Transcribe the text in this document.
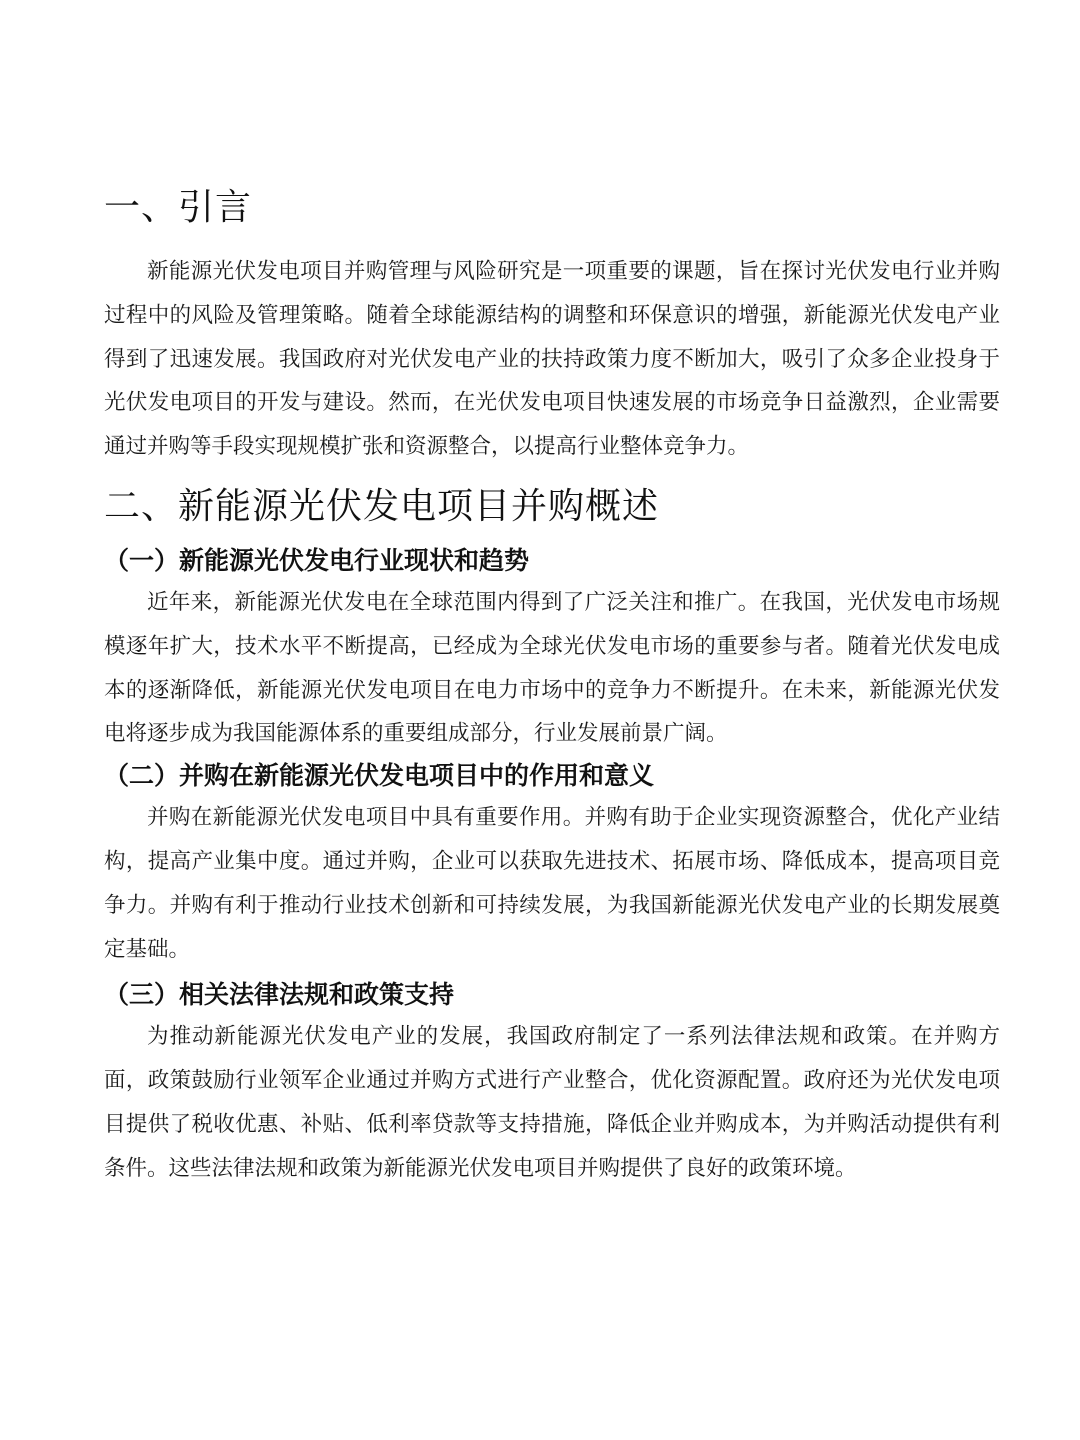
一、引言

新能源光伏发电项目并购管理与风险研究是一项重要的课题，旨在探讨光伏发电行业并购过程中的风险及管理策略。随着全球能源结构的调整和环保意识的增强，新能源光伏发电产业得到了迅速发展。我国政府对光伏发电产业的扶持政策力度不断加大，吸引了众多企业投身于光伏发电项目的开发与建设。然而，在光伏发电项目快速发展的市场竞争日益激烈，企业需要通过并购等手段实现规模扩张和资源整合，以提高行业整体竞争力。

二、新能源光伏发电项目并购概述
（一）新能源光伏发电行业现状和趋势

近年来，新能源光伏发电在全球范围内得到了广泛关注和推广。在我国，光伏发电市场规模逐年扩大，技术水平不断提高，已经成为全球光伏发电市场的重要参与者。随着光伏发电成本的逐渐降低，新能源光伏发电项目在电力市场中的竞争力不断提升。在未来，新能源光伏发电将逐步成为我国能源体系的重要组成部分，行业发展前景广阔。

（二）并购在新能源光伏发电项目中的作用和意义

并购在新能源光伏发电项目中具有重要作用。并购有助于企业实现资源整合，优化产业结构，提高产业集中度。通过并购，企业可以获取先进技术、拓展市场、降低成本，提高项目竞争力。并购有利于推动行业技术创新和可持续发展，为我国新能源光伏发电产业的长期发展奠定基础。

（三）相关法律法规和政策支持

为推动新能源光伏发电产业的发展，我国政府制定了一系列法律法规和政策。在并购方面，政策鼓励行业领军企业通过并购方式进行产业整合，优化资源配置。政府还为光伏发电项目提供了税收优惠、补贴、低利率贷款等支持措施，降低企业并购成本，为并购活动提供有利条件。这些法律法规和政策为新能源光伏发电项目并购提供了良好的政策环境。
